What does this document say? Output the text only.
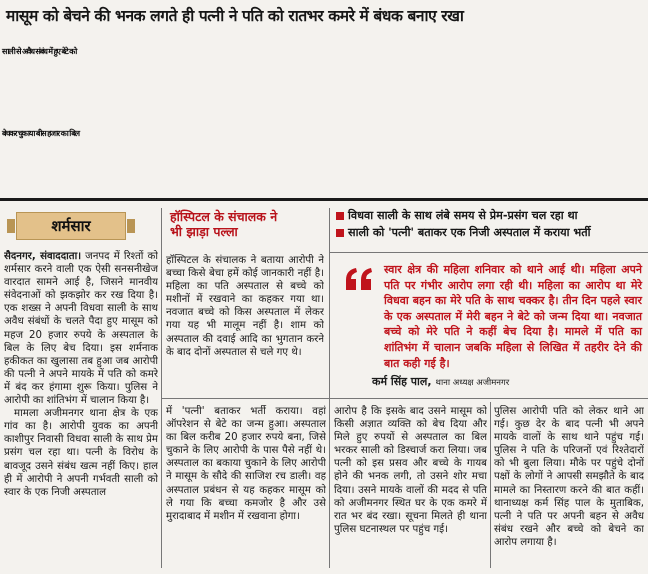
मासूम को बेचने की भनक लगते ही पत्नी ने पति को रातभर कमरे में बंधक बनाए रखा
साली से अवैध संबंध में हुए बेटे को
बेचकर चुकाया बीस हजार का बिल
शर्मसार
हॉस्पिटल के संचालक ने
भी झाड़ा पल्ला
विधवा साली के साथ लंबे समय से प्रेम-प्रसंग चल रहा था
साली को 'पत्नी' बताकर एक निजी अस्पताल में कराया भर्ती

सैदनगर, संवाददाता। जनपद में रिश्तों को शर्मसार करने वाली एक ऐसी सनसनीखेज वारदात सामने आई है, जिसने मानवीय संवेदनाओं को झकझोर कर रख दिया है। एक शख्स ने अपनी विधवा साली के साथ अवैध संबंधों के चलते पैदा हुए मासूम को महज 20 हजार रुपये के अस्पताल के बिल के लिए बेच दिया। इस शर्मनाक हकीकत का खुलासा तब हुआ जब आरोपी की पत्नी ने अपने मायके में पति को कमरे में बंद कर हंगामा शुरू किया। पुलिस ने आरोपी का शांतिभंग में चालान किया है।

मामला अजीमनगर थाना क्षेत्र के एक गांव का है। आरोपी युवक का अपनी काशीपुर निवासी विधवा साली के साथ प्रेम प्रसंग चल रहा था। पत्नी के विरोध के बावजूद उसने संबंध खत्म नहीं किए। हाल ही में आरोपी ने अपनी गर्भवती साली को स्वार के एक निजी अस्पताल

हॉस्पिटल के संचालक ने बताया आरोपी ने बच्चा किसे बेचा हमें कोई जानकारी नहीं है। महिला का पति अस्पताल से बच्चे को मशीनों में रखवाने का कहकर गया था। नवजात बच्चे को किस अस्पताल में लेकर गया यह भी मालूम नहीं है। शाम को अस्पताल की दवाई आदि का भुगतान करने के बाद दोनों अस्पताल से चले गए थे।
स्वार क्षेत्र की महिला शनिवार को थाने आई थी। महिला अपने पति पर गंभीर आरोप लगा रही थी। महिला का आरोप था मेरे विधवा बहन का मेरे पति के साथ चक्कर है। तीन दिन पहले स्वार के एक अस्पताल में मेरी बहन ने बेटे को जन्म दिया था। नवजात बच्चे को मेरे पति ने कहीं बेच दिया है। मामले में पति का शांतिभंग में चालान जबकि महिला से लिखित में तहरीर देने की बात कही गई है।
कर्म सिंह पाल, थाना अध्यक्ष अजीमनगर
में 'पत्नी' बताकर भर्ती कराया। वहां ऑपरेशन से बेटे का जन्म हुआ। अस्पताल का बिल करीब 20 हजार रुपये बना, जिसे चुकाने के लिए आरोपी के पास पैसे नहीं थे। अस्पताल का बकाया चुकाने के लिए आरोपी ने मासूम के सौदे की साजिश रच डाली। वह अस्पताल प्रबंधन से यह कहकर मासूम को ले गया कि बच्चा कमजोर है और उसे मुरादाबाद में मशीन में रखवाना होगा।
आरोप है कि इसके बाद उसने मासूम को किसी अज्ञात व्यक्ति को बेच दिया और मिले हुए रुपयों से अस्पताल का बिल भरकर साली को डिस्चार्ज करा लिया। जब पत्नी को इस प्रसव और बच्चे के गायब होने की भनक लगी, तो उसने शोर मचा दिया। उसने मायके वालों की मदद से पति को अजीमनगर स्थित घर के एक कमरे में रात भर बंद रखा। सूचना मिलते ही थाना पुलिस घटनास्थल पर पहुंच गई।
पुलिस आरोपी पति को लेकर थाने आ गई। कुछ देर के बाद पत्नी भी अपने मायके वालों के साथ थाने पहुंच गई। पुलिस ने पति के परिजनों एवं रिश्तेदारों को भी बुला लिया। मौके पर पहुंचे दोनों पक्षों के लोगों ने आपसी समझौते के बाद मामले का निस्तारण करने की बात कहीं। थानाध्यक्ष कर्म सिंह पाल के मुताबिक, पत्नी ने पति पर अपनी बहन से अवैध संबंध रखने और बच्चे को बेचने का आरोप लगाया है।
